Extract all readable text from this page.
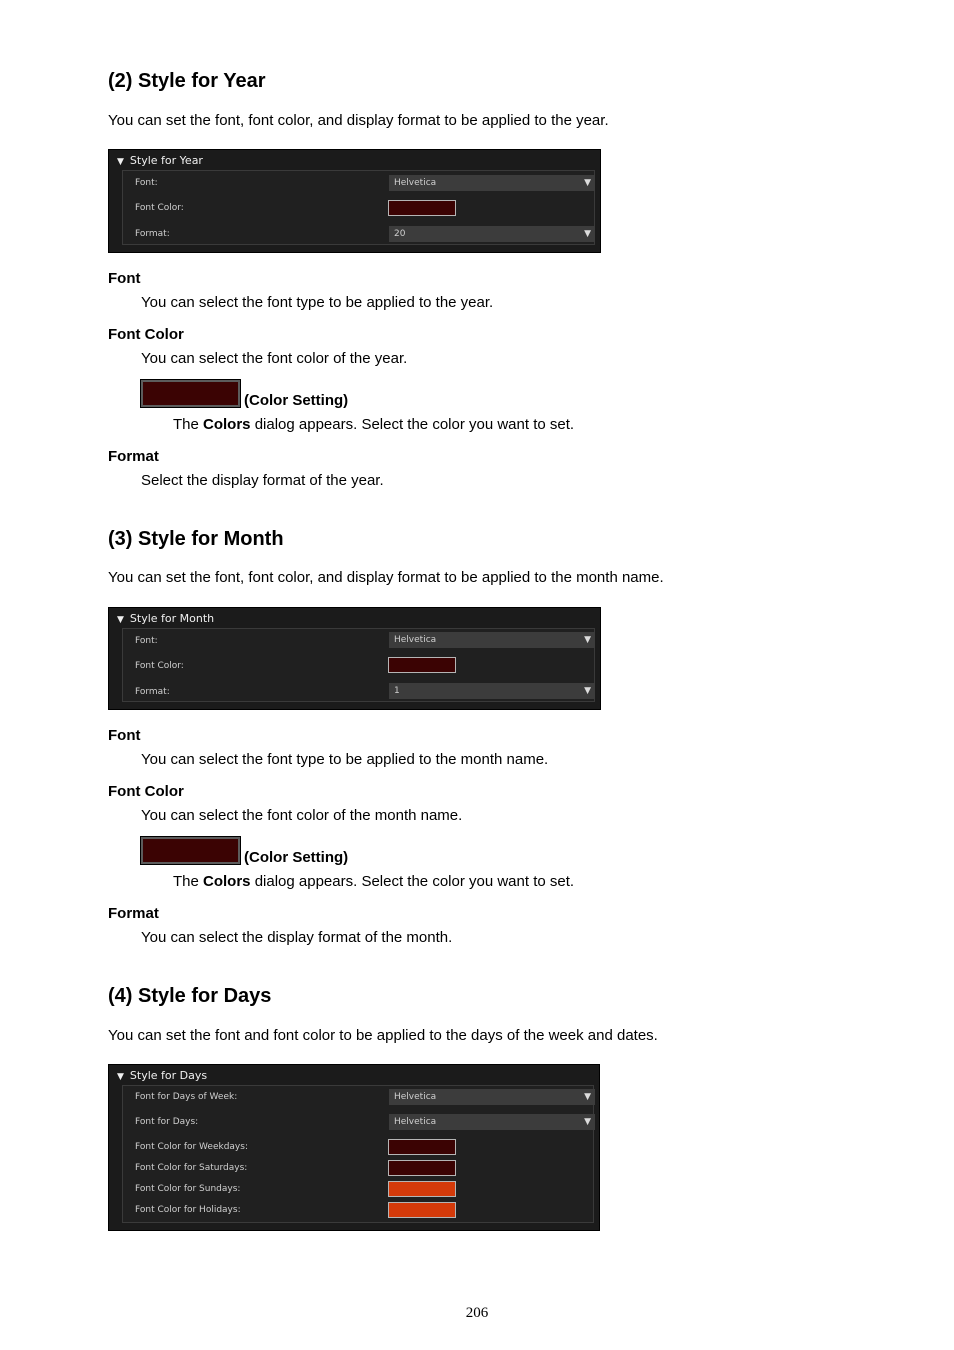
(2) Style for Year
You can set the font, font color, and display format to be applied to the year.
▼ Style for Year
Font:	Helvetica	▼
Font Color:
Format:	20	▼
Font
You can select the font type to be applied to the year.
Font Color
You can select the font color of the year.
(Color Setting)
The Colors dialog appears. Select the color you want to set.
Format
Select the display format of the year.
(3) Style for Month
You can set the font, font color, and display format to be applied to the month name.
▼ Style for Month
Font:	Helvetica	▼
Font Color:
Format:	1	▼
Font
You can select the font type to be applied to the month name.
Font Color
You can select the font color of the month name.
(Color Setting)
The Colors dialog appears. Select the color you want to set.
Format
You can select the display format of the month.
(4) Style for Days
You can set the font and font color to be applied to the days of the week and dates.
▼ Style for Days
Font for Days of Week:	Helvetica	▼
Font for Days:	Helvetica	▼
Font Color for Weekdays:
Font Color for Saturdays:
Font Color for Sundays:
Font Color for Holidays:
206
